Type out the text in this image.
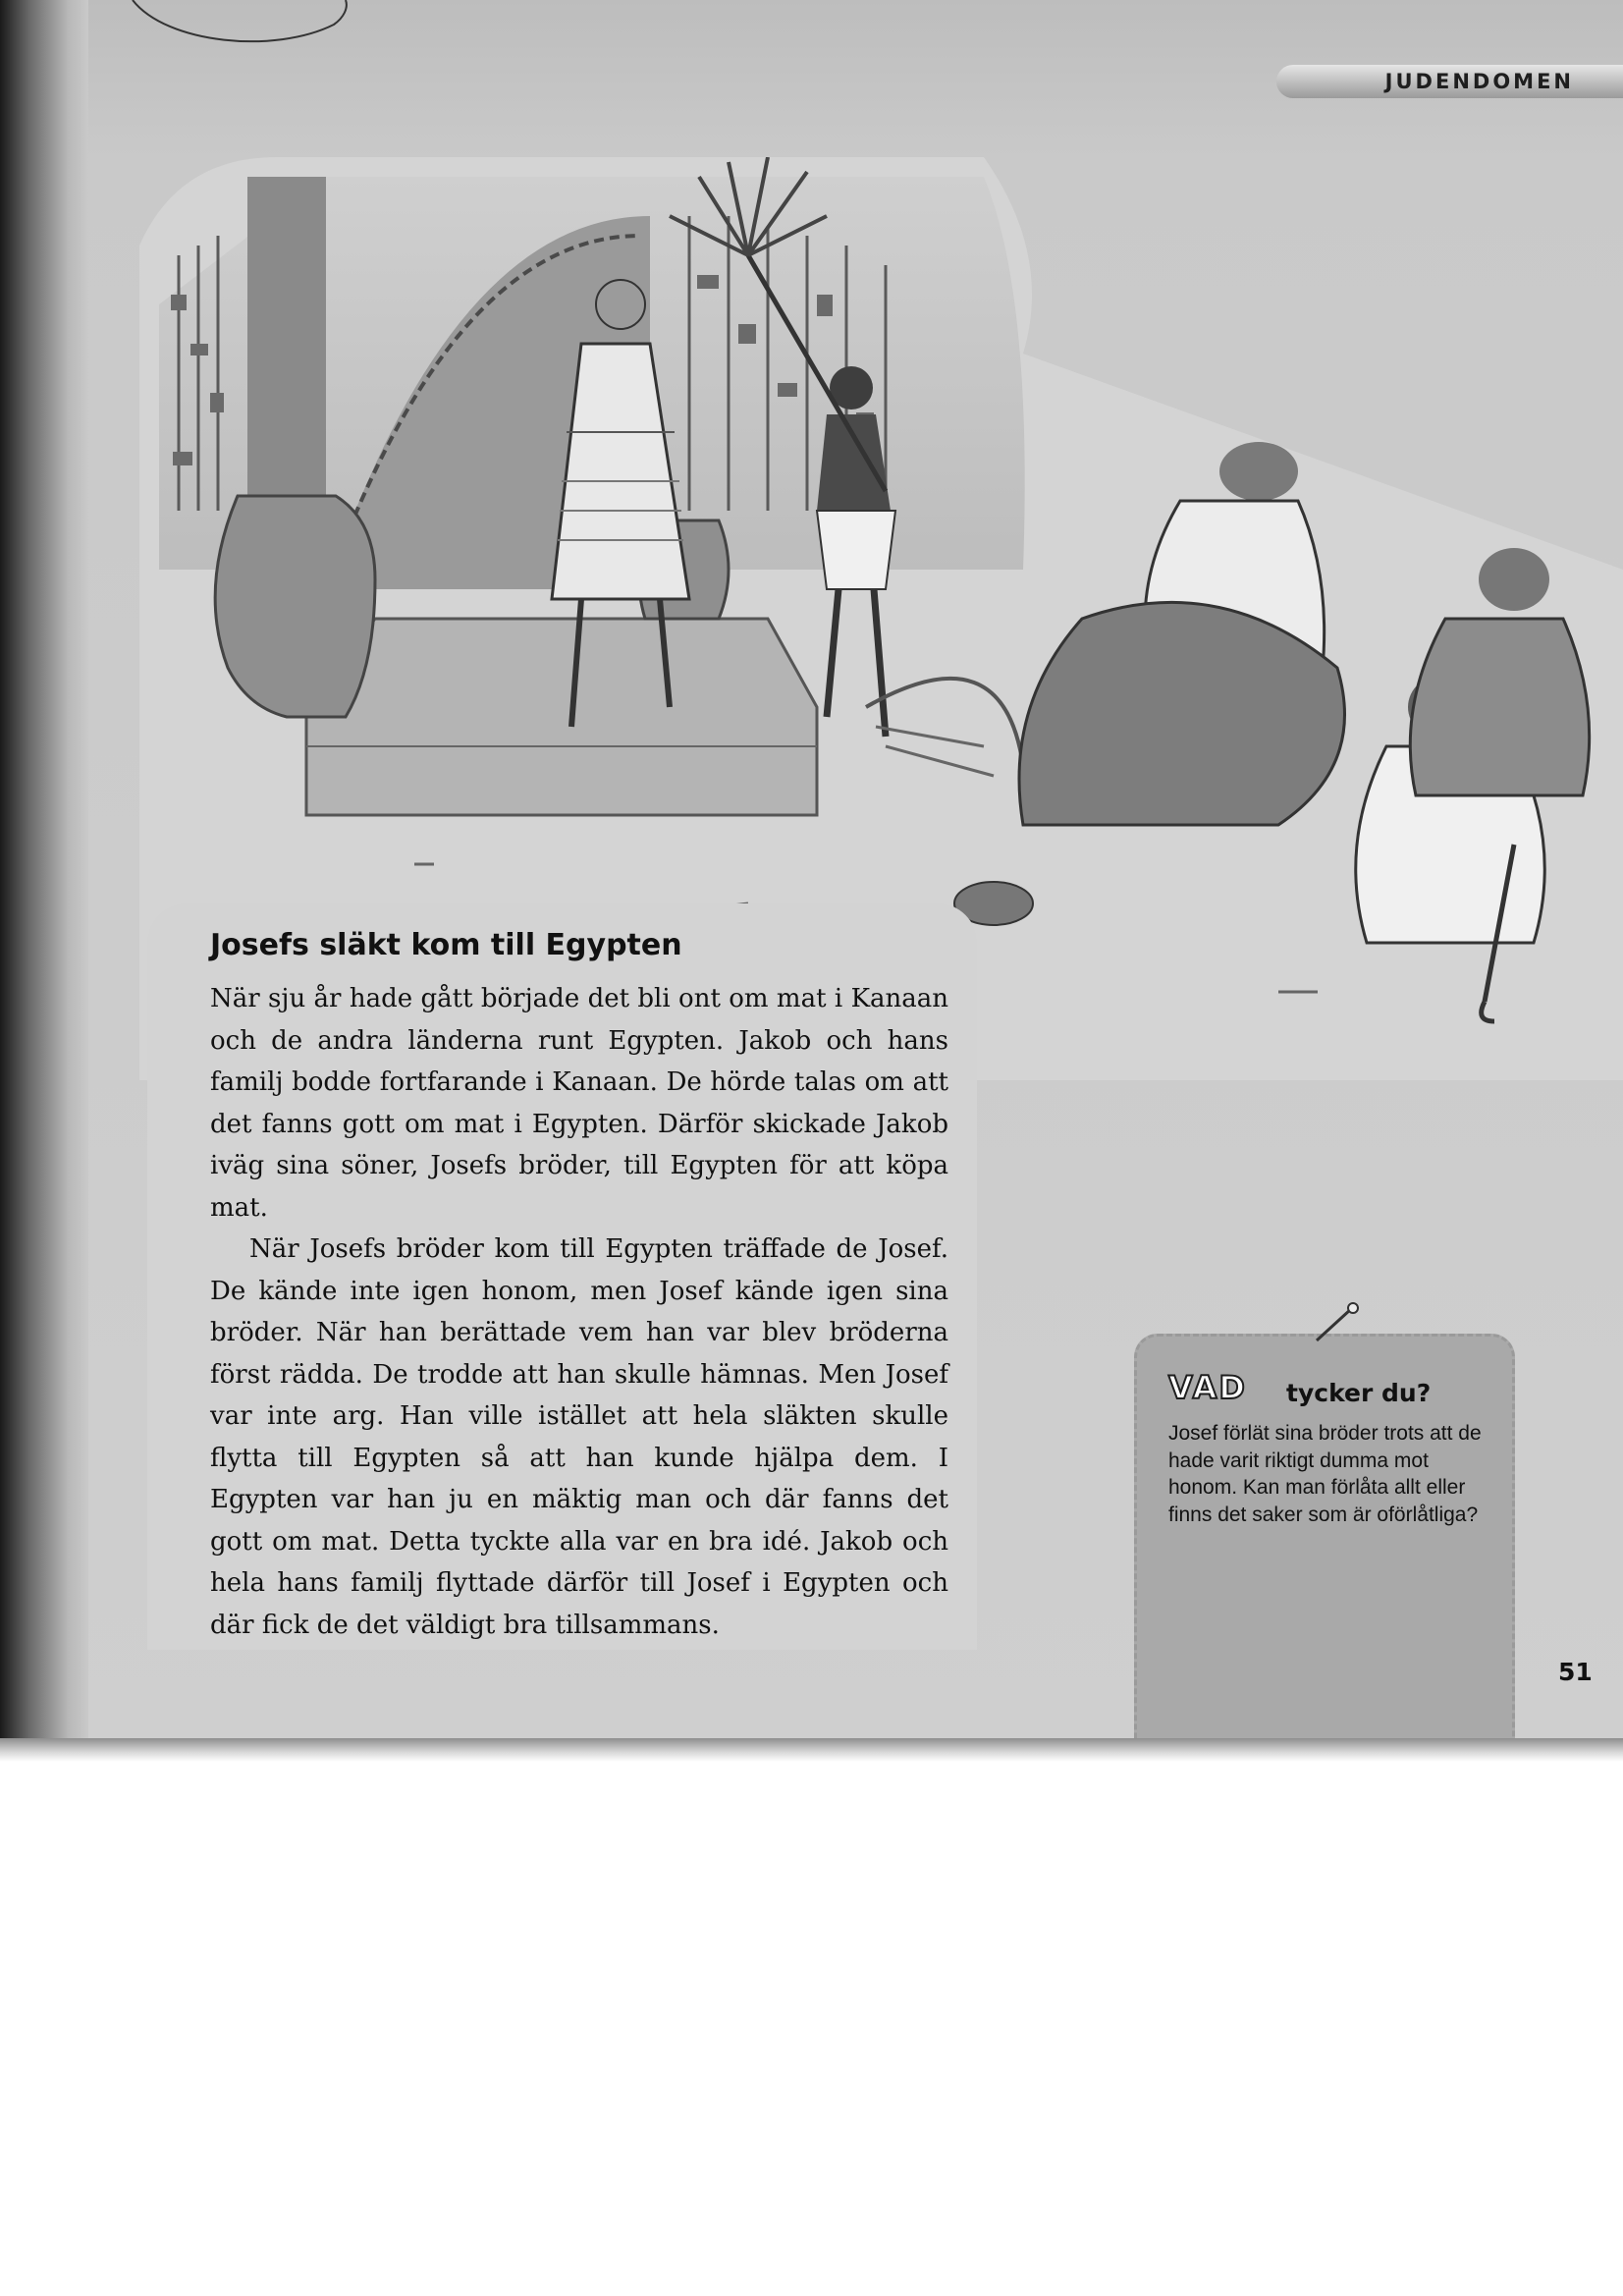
JUDENDOMEN
Josefs släkt kom till Egypten

När sju år hade gått började det bli ont om mat i Kanaan och de andra länderna runt Egypten. Jakob och hans familj bodde fortfarande i Kanaan. De hörde talas om att det fanns gott om mat i Egypten. Därför skickade Jakob iväg sina söner, Josefs bröder, till Egypten för att köpa mat.

När Josefs bröder kom till Egypten träffade de Josef. De kände inte igen honom, men Josef kände igen sina bröder. När han berättade vem han var blev bröderna först rädda. De trodde att han skulle hämnas. Men Josef var inte arg. Han ville istället att hela släkten skulle flytta till Egypten så att han kunde hjälpa dem. I Egypten var han ju en mäktig man och där fanns det gott om mat. Detta tyckte alla var en bra idé. Jakob och hela hans familj flyttade därför till Josef i Egypten och där fick de det väldigt bra tillsammans.

VAD tycker du?

Josef förlät sina bröder trots att de hade varit riktigt dumma mot honom. Kan man förlåta allt eller finns det saker som är oförlåtliga?

51
